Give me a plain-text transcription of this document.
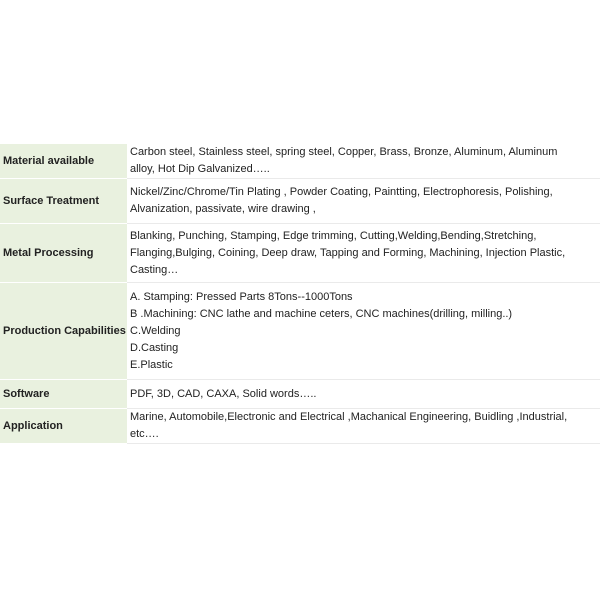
Material available	Carbon steel, Stainless steel, spring steel, Copper, Brass, Bronze, Aluminum, Aluminum
alloy, Hot Dip Galvanized…..

Surface Treatment	Nickel/Zinc/Chrome/Tin Plating , Powder Coating, Paintting, Electrophoresis, Polishing,
Alvanization, passivate, wire drawing ,

Metal Processing	Blanking, Punching, Stamping, Edge trimming, Cutting,Welding,Bending,Stretching,
Flanging,Bulging, Coining, Deep draw, Tapping and Forming, Machining, Injection Plastic,
Casting…

Production Capabilities	A. Stamping: Pressed Parts 8Tons--1000Tons
B .Machining: CNC lathe and machine ceters, CNC machines(drilling, milling..)
C.Welding
D.Casting
E.Plastic

Software	PDF, 3D, CAD, CAXA, Solid words…..

Application	Marine, Automobile,Electronic and Electrical ,Machanical Engineering, Buidling ,Industrial,
etc….
